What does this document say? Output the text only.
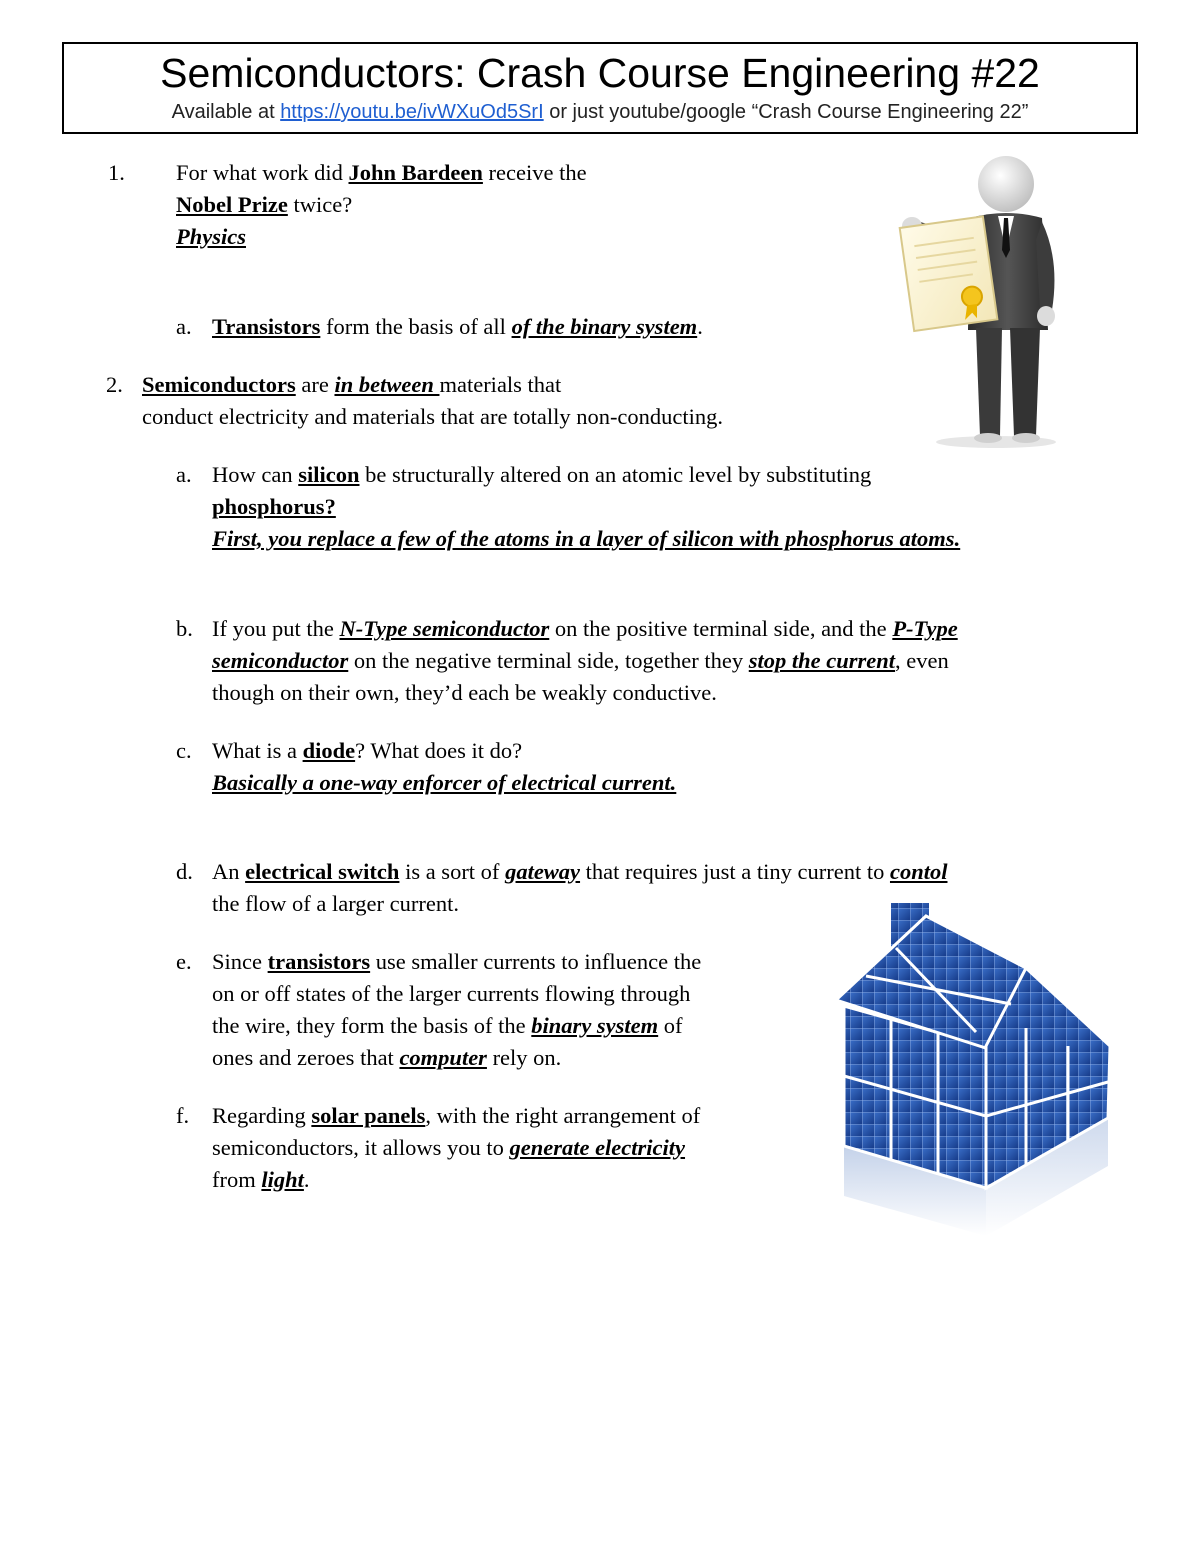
Semiconductors: Crash Course Engineering #22
Available at https://youtu.be/ivWXuOd5SrI or just youtube/google “Crash Course Engineering 22”
1. For what work did John Bardeen receive the
Nobel Prize twice?
Physics
a. Transistors form the basis of all of the binary system.
2. Semiconductors are in between materials that
conduct electricity and materials that are totally non-conducting.
a. How can silicon be structurally altered on an atomic level by substituting
phosphorus?
First, you replace a few of the atoms in a layer of silicon with phosphorus atoms.
b. If you put the N-Type semiconductor on the positive terminal side, and the P-Type
semiconductor on the negative terminal side, together they stop the current, even
though on their own, they’d each be weakly conductive.
c. What is a diode? What does it do?
Basically a one-way enforcer of electrical current.
d. An electrical switch is a sort of gateway that requires just a tiny current to contol
the flow of a larger current.
e. Since transistors use smaller currents to influence the
on or off states of the larger currents flowing through
the wire, they form the basis of the binary system of
ones and zeroes that computer rely on.
f. Regarding solar panels, with the right arrangement of
semiconductors, it allows you to generate electricity
from light.
